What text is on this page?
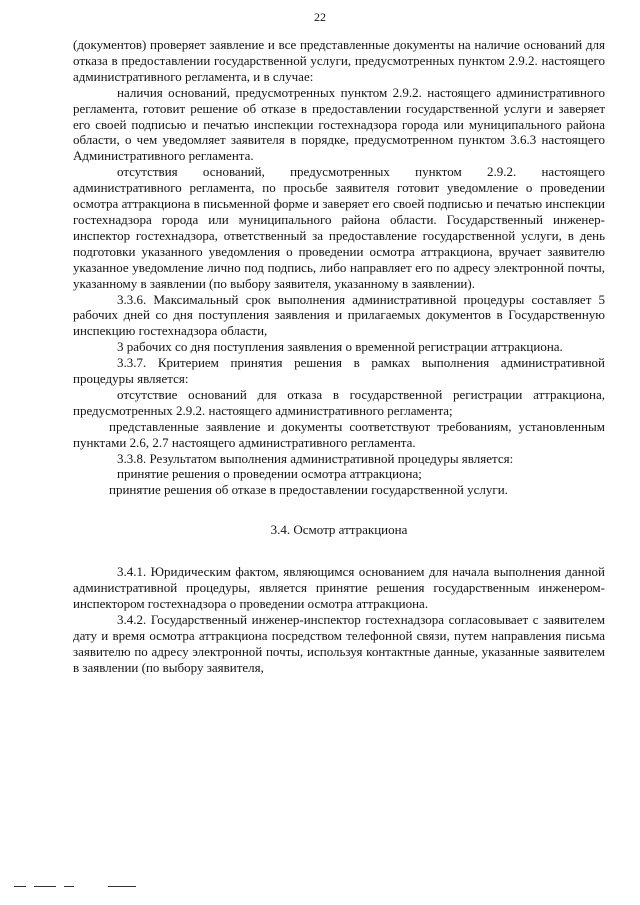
22

(документов) проверяет заявление и все представленные документы на наличие оснований для отказа в предоставлении государственной услуги, предусмотренных пунктом 2.9.2. настоящего административного регламента, и в случае:

наличия оснований, предусмотренных пунктом 2.9.2. настоящего административного регламента, готовит решение об отказе в предоставлении государственной услуги и заверяет его своей подписью и печатью инспекции гостехнадзора города или муниципального района области, о чем уведомляет заявителя в порядке, предусмотренном пунктом 3.6.3 настоящего Административного регламента.

отсутствия оснований, предусмотренных пунктом 2.9.2. настоящего административного регламента, по просьбе заявителя готовит уведомление о проведении осмотра аттракциона в письменной форме и заверяет его своей подписью и печатью инспекции гостехнадзора города или муниципального района области. Государственный инженер-инспектор гостехнадзора, ответственный за предоставление государственной услуги, в день подготовки указанного уведомления о проведении осмотра аттракциона, вручает заявителю указанное уведомление лично под подпись, либо направляет его по адресу электронной почты, указанному в заявлении (по выбору заявителя, указанному в заявлении).

3.3.6. Максимальный срок выполнения административной процедуры составляет 5 рабочих дней со дня поступления заявления и прилагаемых документов в Государственную инспекцию гостехнадзора области,

3 рабочих со дня поступления заявления о временной регистрации аттракциона.

3.3.7. Критерием принятия решения в рамках выполнения административной процедуры является:

отсутствие оснований для отказа в государственной регистрации аттракциона, предусмотренных 2.9.2. настоящего административного регламента;

представленные заявление и документы соответствуют требованиям, установленным пунктами 2.6, 2.7 настоящего административного регламента.

3.3.8. Результатом выполнения административной процедуры является:

принятие решения о проведении осмотра аттракциона;

принятие решения об отказе в предоставлении государственной услуги.

3.4. Осмотр аттракциона

3.4.1. Юридическим фактом, являющимся основанием для начала выполнения данной административной процедуры, является принятие решения государственным инженером-инспектором гостехнадзора о проведении осмотра аттракциона.

3.4.2. Государственный инженер-инспектор гостехнадзора согласовывает с заявителем дату и время осмотра аттракциона посредством телефонной связи, путем направления письма заявителю по адресу электронной почты, используя контактные данные, указанные заявителем в заявлении (по выбору заявителя,
